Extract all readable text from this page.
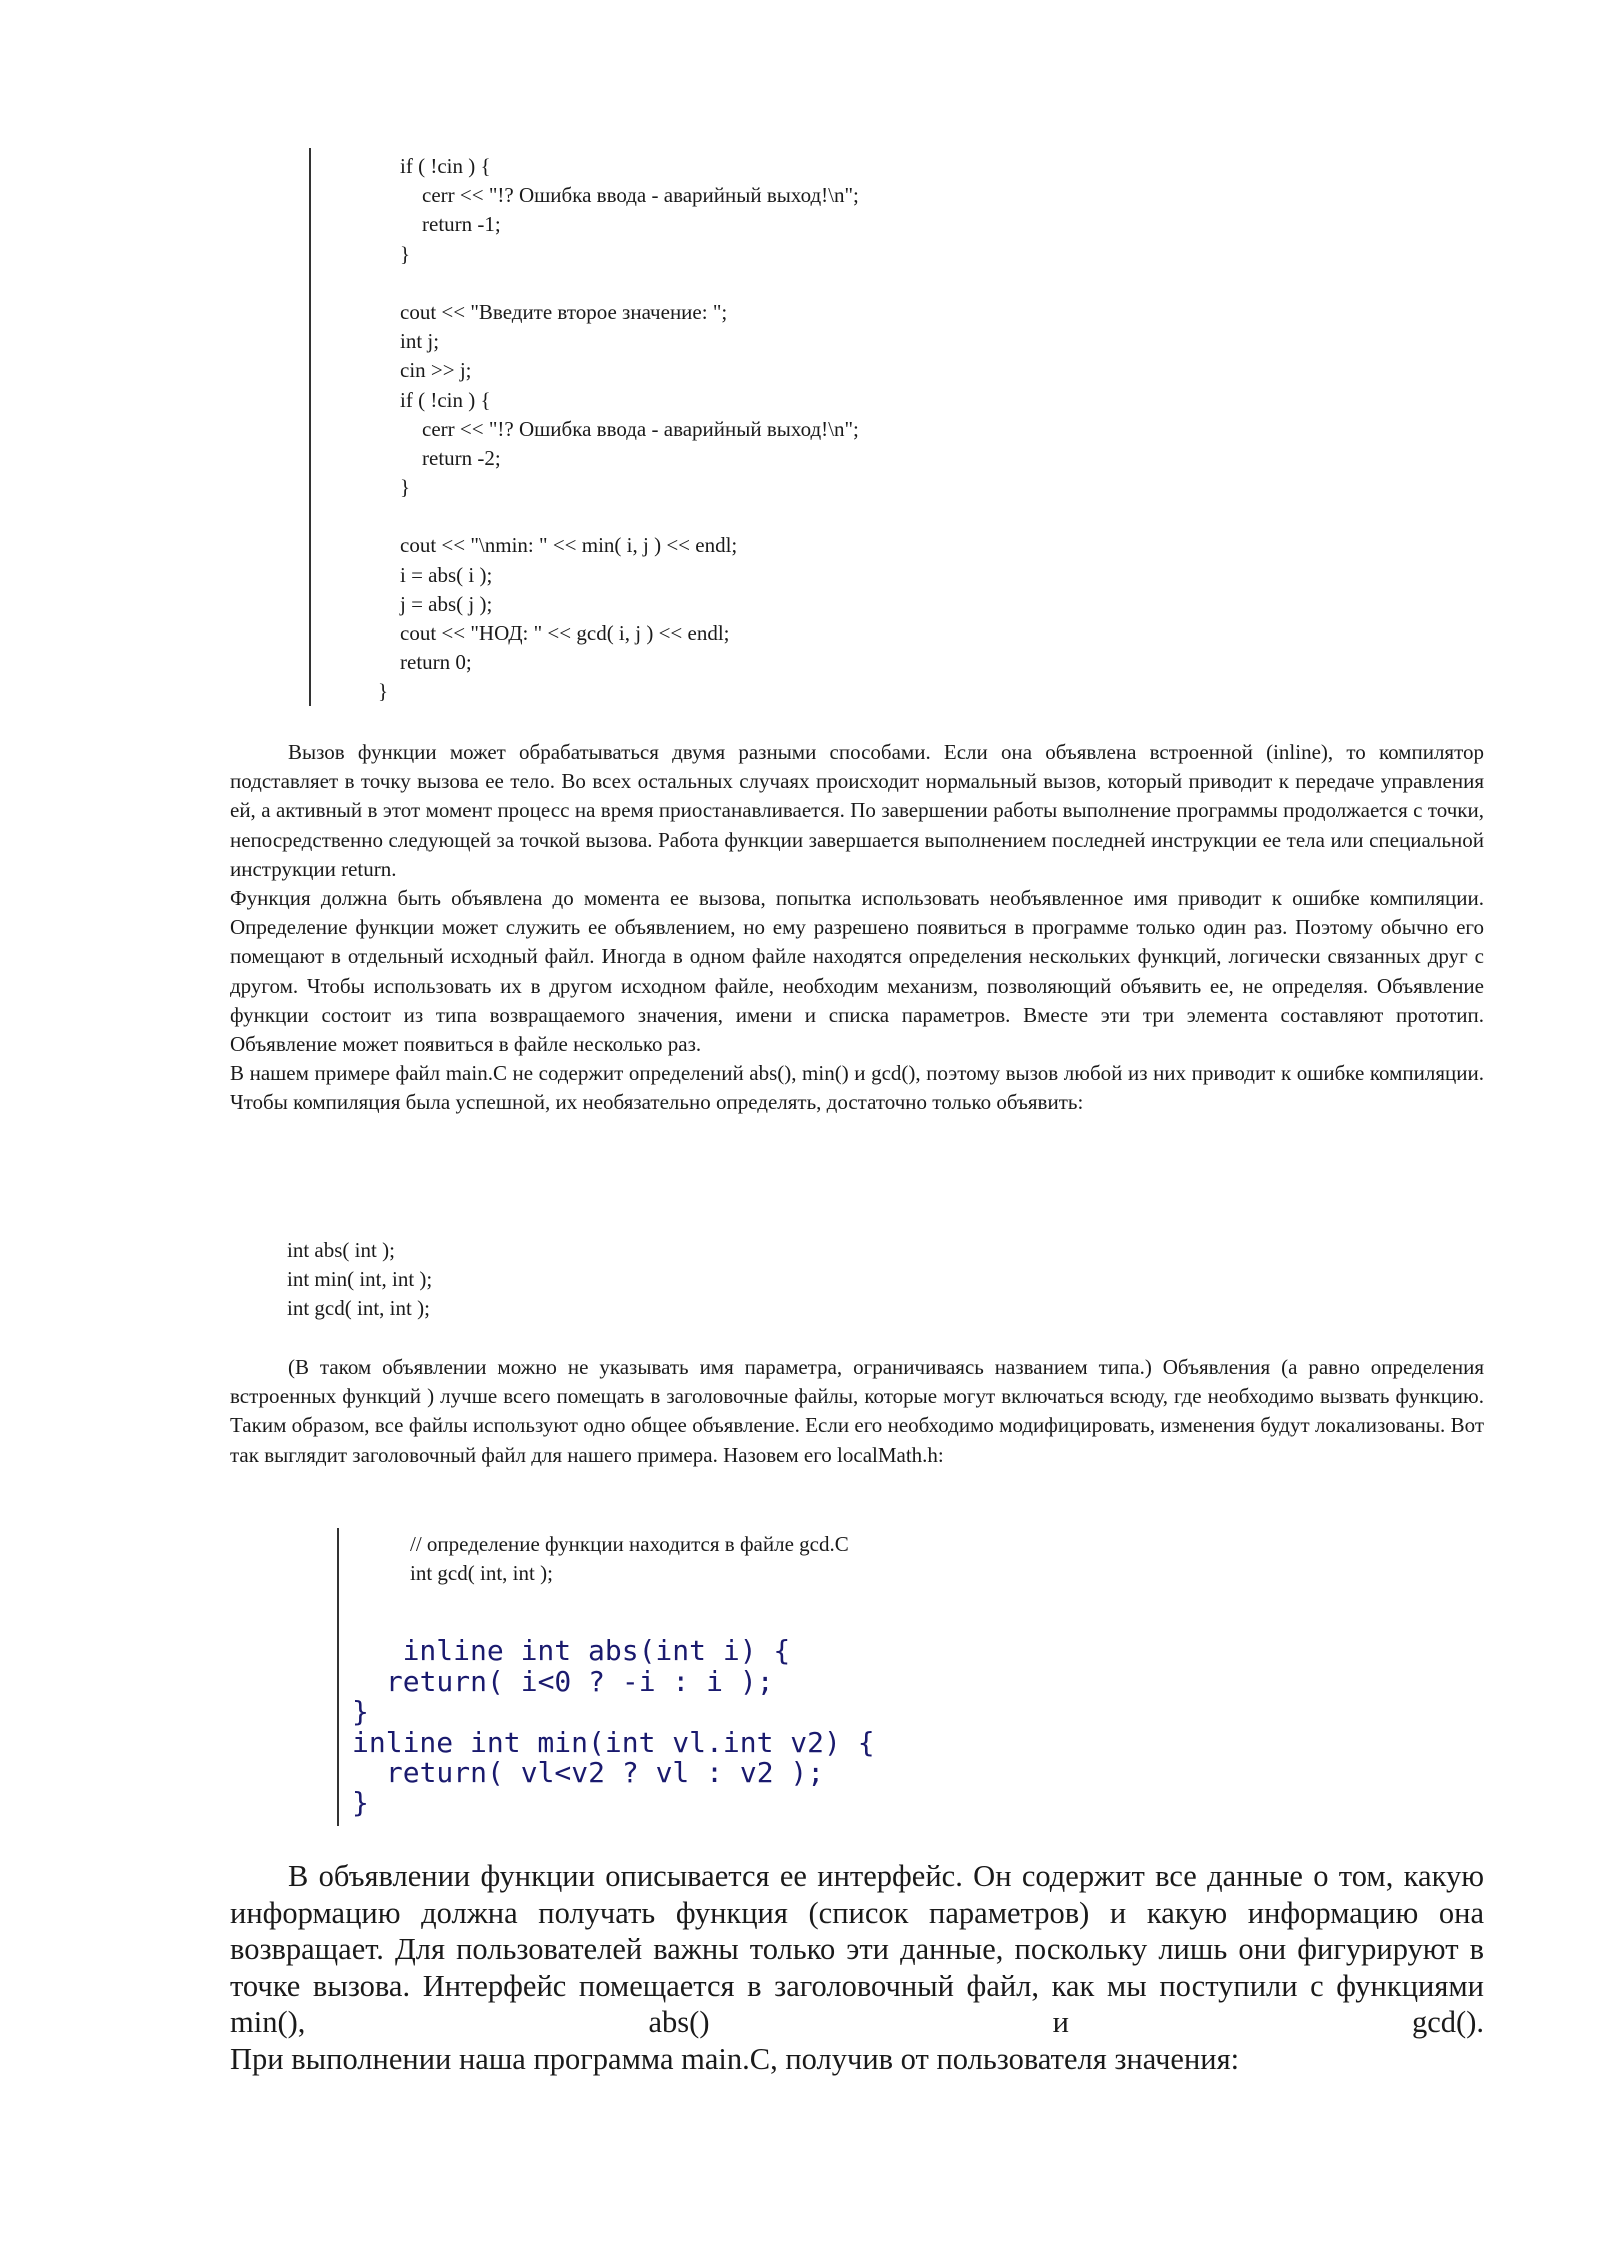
if ( !cin ) {
cerr << "!? Ошибка ввода - аварийный выход!\n";
return -1;
}

cout << "Введите второе значение: ";
int j;
cin >> j;
if ( !cin ) {
cerr << "!? Ошибка ввода - аварийный выход!\n";
return -2;
}

cout << "\nmin: " << min( i, j ) << endl;
i = abs( i );
j = abs( j );
cout << "НОД: " << gcd( i, j ) << endl;
return 0;
}

Вызов функции может обрабатываться двумя разными способами. Если она объявлена встроенной (inline), то компилятор подставляет в точку вызова ее тело. Во всех остальных случаях происходит нормальный вызов, который приводит к передаче управления ей, а активный в этот момент процесс на время приостанавливается. По завершении работы выполнение программы продолжается с точки, непосредственно следующей за точкой вызова. Работа функции завершается выполнением последней инструкции ее тела или специальной инструкции return.

Функция должна быть объявлена до момента ее вызова, попытка использовать необъявленное имя приводит к ошибке компиляции. Определение функции может служить ее объявлением, но ему разрешено появиться в программе только один раз. Поэтому обычно его помещают в отдельный исходный файл. Иногда в одном файле находятся определения нескольких функций, логически связанных друг с другом. Чтобы использовать их в другом исходном файле, необходим механизм, позволяющий объявить ее, не определяя. Объявление функции состоит из типа возвращаемого значения, имени и списка параметров. Вместе эти три элемента составляют прототип. Объявление может появиться в файле несколько раз.

В нашем примере файл main.C не содержит определений abs(), min() и gcd(), поэтому вызов любой из них приводит к ошибке компиляции. Чтобы компиляция была успешной, их необязательно определять, достаточно только объявить:

int abs( int );
int min( int, int );
int gcd( int, int );

(В таком объявлении можно не указывать имя параметра, ограничиваясь названием типа.) Объявления (а равно определения встроенных функций ) лучше всего помещать в заголовочные файлы, которые могут включаться всюду, где необходимо вызвать функцию. Таким образом, все файлы используют одно общее объявление. Если его необходимо модифицировать, изменения будут локализованы. Вот так выглядит заголовочный файл для нашего примера. Назовем его localMath.h:

// определение функции находится в файле gcd.C
int gcd( int, int );
inline int abs(int i) {
return( i<0 ? -i : i );
}
inline int min(int vl.int v2) {
return( vl<v2 ? vl : v2 );
}

В объявлении функции описывается ее интерфейс. Он содержит все данные о том, какую информацию должна получать функция (список параметров) и какую информацию она возвращает. Для пользователей важны только эти данные, поскольку лишь они фигурируют в точке вызова. Интерфейс помещается в заголовочный файл, как мы поступили с функциями min(), abs() и gcd().

При выполнении наша программа main.C, получив от пользователя значения:
